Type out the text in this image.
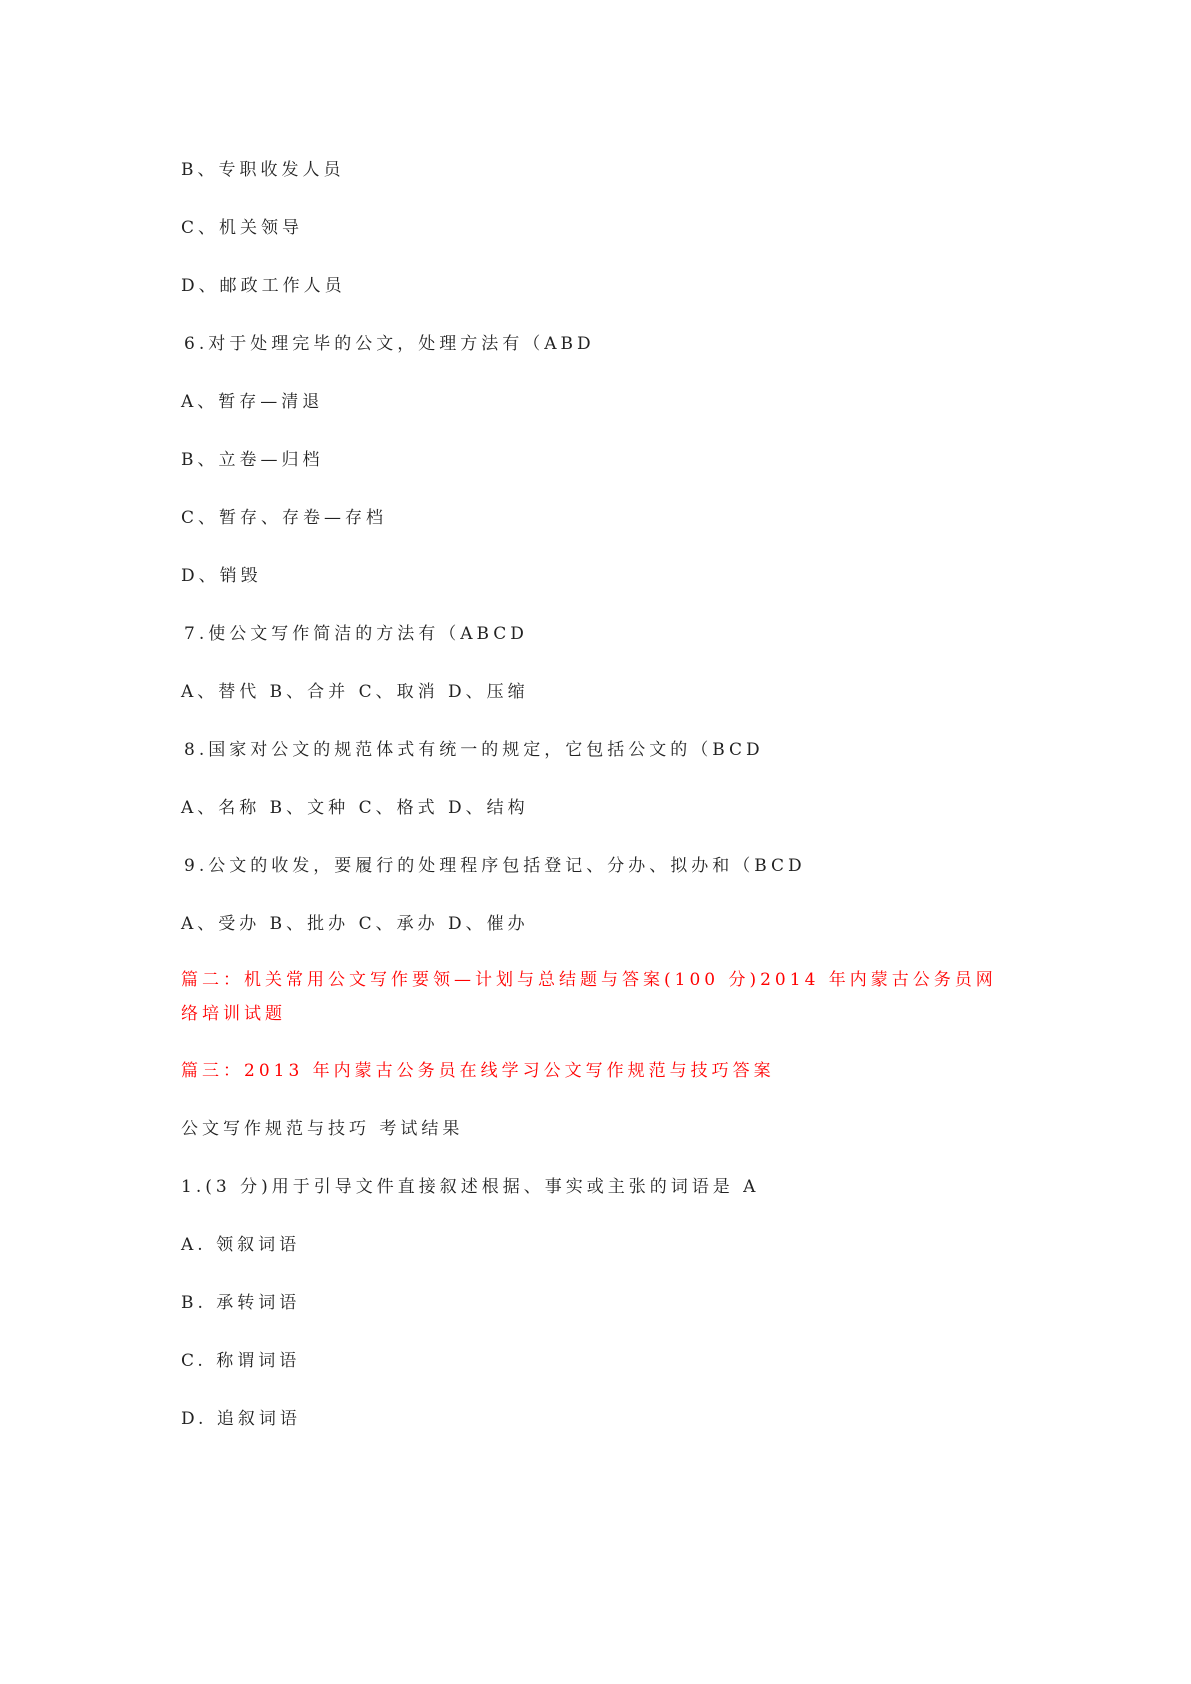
B、专职收发人员
C、机关领导
D、邮政工作人员
6.对于处理完毕的公文，处理方法有（ABD
A、暂存—清退
B、立卷—归档
C、暂存、存卷—存档
D、销毁
7.使公文写作简洁的方法有（ABCD
A、替代 B、合并 C、取消 D、压缩
8.国家对公文的规范体式有统一的规定，它包括公文的（BCD
A、名称 B、文种 C、格式 D、结构
9.公文的收发，要履行的处理程序包括登记、分办、拟办和（BCD
A、受办 B、批办 C、承办 D、催办
篇二：机关常用公文写作要领—计划与总结题与答案(100 分)2014 年内蒙古公务员网络培训试题
篇三：2013 年内蒙古公务员在线学习公文写作规范与技巧答案
公文写作规范与技巧 考试结果
1.(3 分)用于引导文件直接叙述根据、事实或主张的词语是 A
A. 领叙词语
B. 承转词语
C. 称谓词语
D. 追叙词语
